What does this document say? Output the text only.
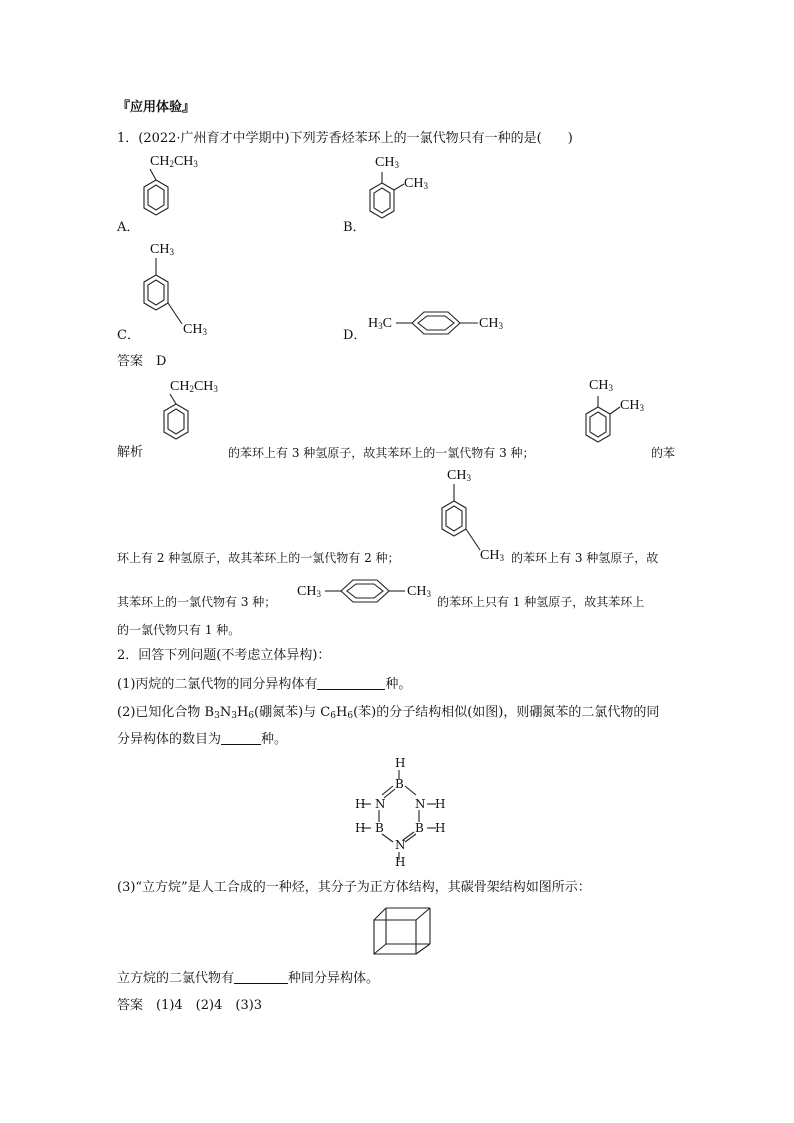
『应用体验』
1．(2022·广州育才中学期中)下列芳香烃苯环上的一氯代物只有一种的是(　　)
A．
$CH_2CH_3$
B．
$CH_3$
$CH_3$
C．
$CH_3$
$CH_3$	D．
$H_3C$	$CH_3$
答案　D
$CH_2CH_3$
解析	的苯环上有 3 种氢原子，故其苯环上的一氯代物有 3 种；
$CH_3$
$CH_3$
的苯
$CH_3$
$CH_3$
环上有 2 种氢原子，故其苯环上的一氯代物有 2 种；	的苯环上有 3 种氢原子，故
其苯环上的一氯代物有 3 种；
$CH_3$	$CH_3$
的苯环上只有 1 种氢原子，故其苯环上
的一氯代物只有 1 种。
2．回答下列问题(不考虑立体异构)：
(1)丙烷的二氯代物的同分异构体有	种。
(2)已知化合物 $B_3N_3H_6$(硼氮苯)与 $C_6H_6$(苯)的分子结构相似(如图)，则硼氮苯的二氯代物的同
分异构体的数目为	种。
H
B
H N N H
H B	B H
N
H
(3)“立方烷”是人工合成的一种烃，其分子为正方体结构，其碳骨架结构如图所示：
立方烷的二氯代物有	种同分异构体。
答案　(1)4　(2)4　(3)3
